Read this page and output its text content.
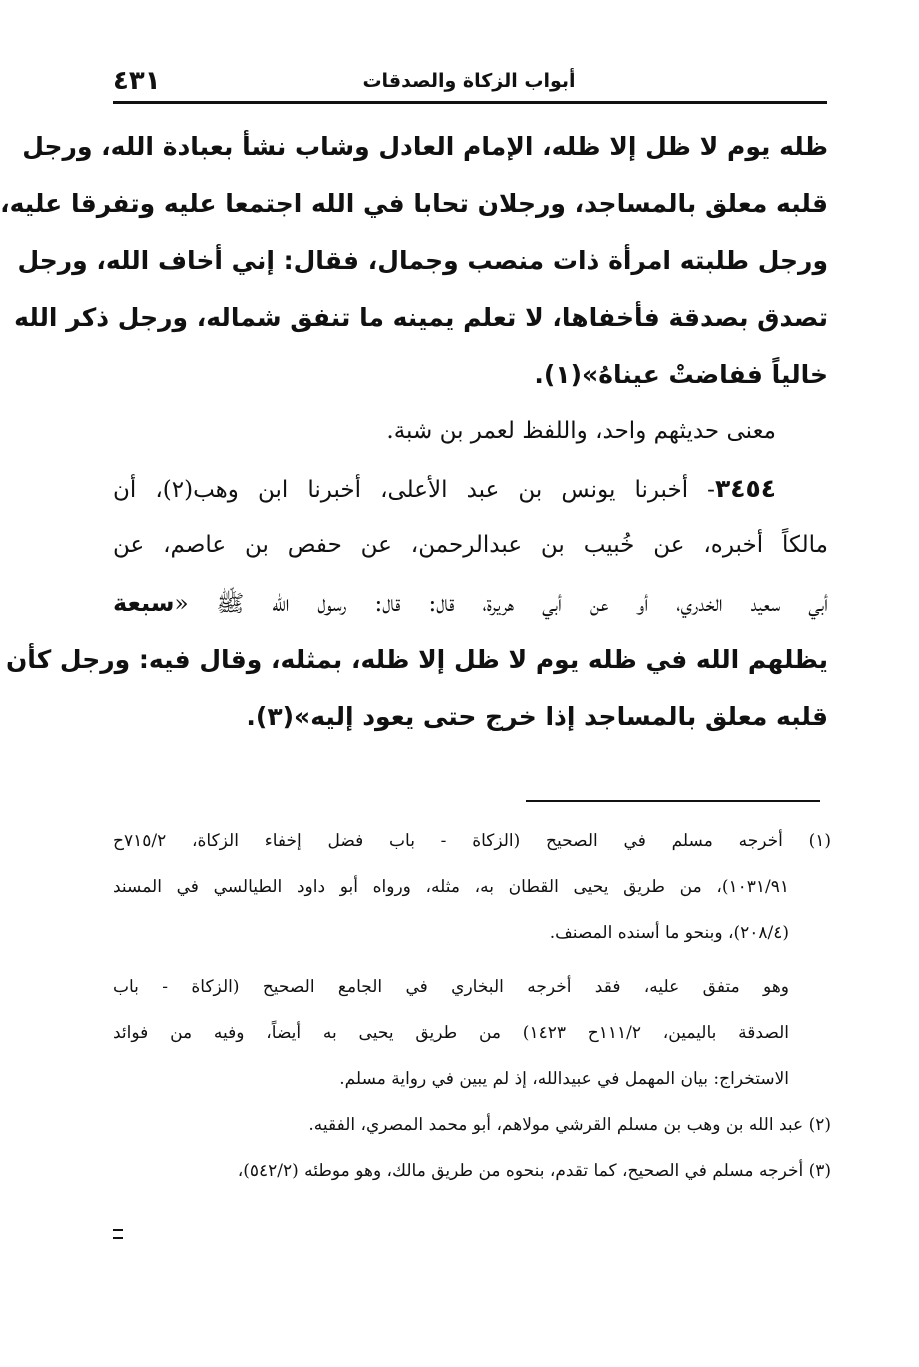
٤٣١	أبواب الزكاة والصدقات
ظله يوم لا ظل إلا ظله، الإمام العادل وشاب نشأ بعبادة الله، ورجل
قلبه معلق بالمساجد، ورجلان تحابا في الله اجتمعا عليه وتفرقا عليه،
ورجل طلبته امرأة ذات منصب وجمال، فقال: إني أخاف الله، ورجل
تصدق بصدقة فأخفاها، لا تعلم يمينه ما تنفق شماله، ورجل ذكر الله
خالياً ففاضتْ عيناهُ»(١).
معنى حديثهم واحد، واللفظ لعمر بن شبة.
٣٤٥٤- أخبرنا يونس بن عبد الأعلى، أخبرنا ابن وهب(٢)، أن
مالكاً أخبره، عن خُبيب بن عبدالرحمن، عن حفص بن عاصم، عن
أبي سعيد الخدري، أو عن أبي هريرة، قال: قال: رسول الله ﷺ «سبعة
يظلهم الله في ظله يوم لا ظل إلا ظله، بمثله، وقال فيه: ورجل كأن
قلبه معلق بالمساجد إذا خرج حتى يعود إليه»(٣).
(١) أخرجه مسلم في الصحيح (الزكاة - باب فضل إخفاء الزكاة، ٧١٥/٢ح
١٠٣١/٩١)، من طريق يحيى القطان به، مثله، ورواه أبو داود الطيالسي في المسند
(٢٠٨/٤)، وبنحو ما أسنده المصنف.
وهو متفق عليه، فقد أخرجه البخاري في الجامع الصحيح (الزكاة - باب
الصدقة باليمين، ١١١/٢ح ١٤٢٣) من طريق يحيى به أيضاً، وفيه من فوائد
الاستخراج: بيان المهمل في عبيدالله، إذ لم يبين في رواية مسلم.
(٢) عبد الله بن وهب بن مسلم القرشي مولاهم، أبو محمد المصري، الفقيه.
(٣) أخرجه مسلم في الصحيح، كما تقدم، بنحوه من طريق مالك، وهو موطئه (٥٤٢/٢)،
